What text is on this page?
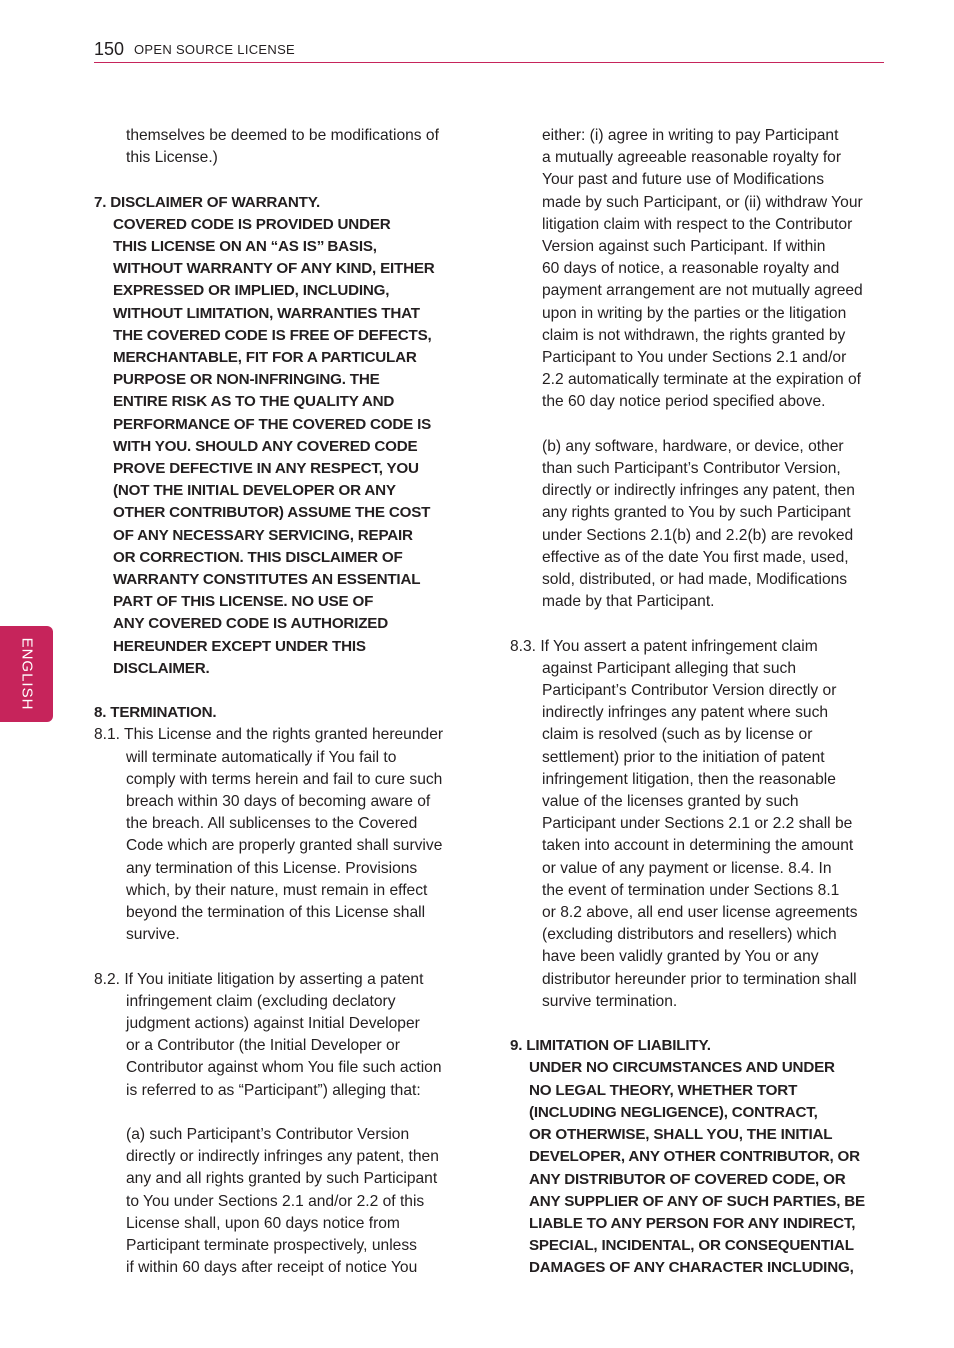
150 OPEN SOURCE LICENSE
ENGLISH
themselves be deemed to be modifications of
this License.)
7. DISCLAIMER OF WARRANTY.
COVERED CODE IS PROVIDED UNDER
THIS LICENSE ON AN “AS IS’’ BASIS,
WITHOUT WARRANTY OF ANY KIND, EITHER
EXPRESSED OR IMPLIED, INCLUDING,
WITHOUT LIMITATION, WARRANTIES THAT
THE COVERED CODE IS FREE OF DEFECTS,
MERCHANTABLE, FIT FOR A PARTICULAR
PURPOSE OR NON-INFRINGING. THE
ENTIRE RISK AS TO THE QUALITY AND
PERFORMANCE OF THE COVERED CODE IS
WITH YOU. SHOULD ANY COVERED CODE
PROVE DEFECTIVE IN ANY RESPECT, YOU
(NOT THE INITIAL DEVELOPER OR ANY
OTHER CONTRIBUTOR) ASSUME THE COST
OF ANY NECESSARY SERVICING, REPAIR
OR CORRECTION. THIS DISCLAIMER OF
WARRANTY CONSTITUTES AN ESSENTIAL
PART OF THIS LICENSE. NO USE OF
ANY COVERED CODE IS AUTHORIZED
HEREUNDER EXCEPT UNDER THIS
DISCLAIMER.
8. TERMINATION.
8.1. This License and the rights granted hereunder
will terminate automatically if You fail to
comply with terms herein and fail to cure such
breach within 30 days of becoming aware of
the breach. All sublicenses to the Covered
Code which are properly granted shall survive
any termination of this License. Provisions
which, by their nature, must remain in effect
beyond the termination of this License shall
survive.
8.2. If You initiate litigation by asserting a patent
infringement claim (excluding declatory
judgment actions) against Initial Developer
or a Contributor (the Initial Developer or
Contributor against whom You file such action
is referred to as “Participant”) alleging that:
(a) such Participant’s Contributor Version
directly or indirectly infringes any patent, then
any and all rights granted by such Participant
to You under Sections 2.1 and/or 2.2 of this
License shall, upon 60 days notice from
Participant terminate prospectively, unless
if within 60 days after receipt of notice You
either: (i) agree in writing to pay Participant
a mutually agreeable reasonable royalty for
Your past and future use of Modifications
made by such Participant, or (ii) withdraw Your
litigation claim with respect to the Contributor
Version against such Participant. If within
60 days of notice, a reasonable royalty and
payment arrangement are not mutually agreed
upon in writing by the parties or the litigation
claim is not withdrawn, the rights granted by
Participant to You under Sections 2.1 and/or
2.2 automatically terminate at the expiration of
the 60 day notice period specified above.
(b) any software, hardware, or device, other
than such Participant’s Contributor Version,
directly or indirectly infringes any patent, then
any rights granted to You by such Participant
under Sections 2.1(b) and 2.2(b) are revoked
effective as of the date You first made, used,
sold, distributed, or had made, Modifications
made by that Participant.
8.3. If You assert a patent infringement claim
against Participant alleging that such
Participant’s Contributor Version directly or
indirectly infringes any patent where such
claim is resolved (such as by license or
settlement) prior to the initiation of patent
infringement litigation, then the reasonable
value of the licenses granted by such
Participant under Sections 2.1 or 2.2 shall be
taken into account in determining the amount
or value of any payment or license. 8.4. In
the event of termination under Sections 8.1
or 8.2 above, all end user license agreements
(excluding distributors and resellers) which
have been validly granted by You or any
distributor hereunder prior to termination shall
survive termination.
9. LIMITATION OF LIABILITY.
UNDER NO CIRCUMSTANCES AND UNDER
NO LEGAL THEORY, WHETHER TORT
(INCLUDING NEGLIGENCE), CONTRACT,
OR OTHERWISE, SHALL YOU, THE INITIAL
DEVELOPER, ANY OTHER CONTRIBUTOR, OR
ANY DISTRIBUTOR OF COVERED CODE, OR
ANY SUPPLIER OF ANY OF SUCH PARTIES, BE
LIABLE TO ANY PERSON FOR ANY INDIRECT,
SPECIAL, INCIDENTAL, OR CONSEQUENTIAL
DAMAGES OF ANY CHARACTER INCLUDING,
